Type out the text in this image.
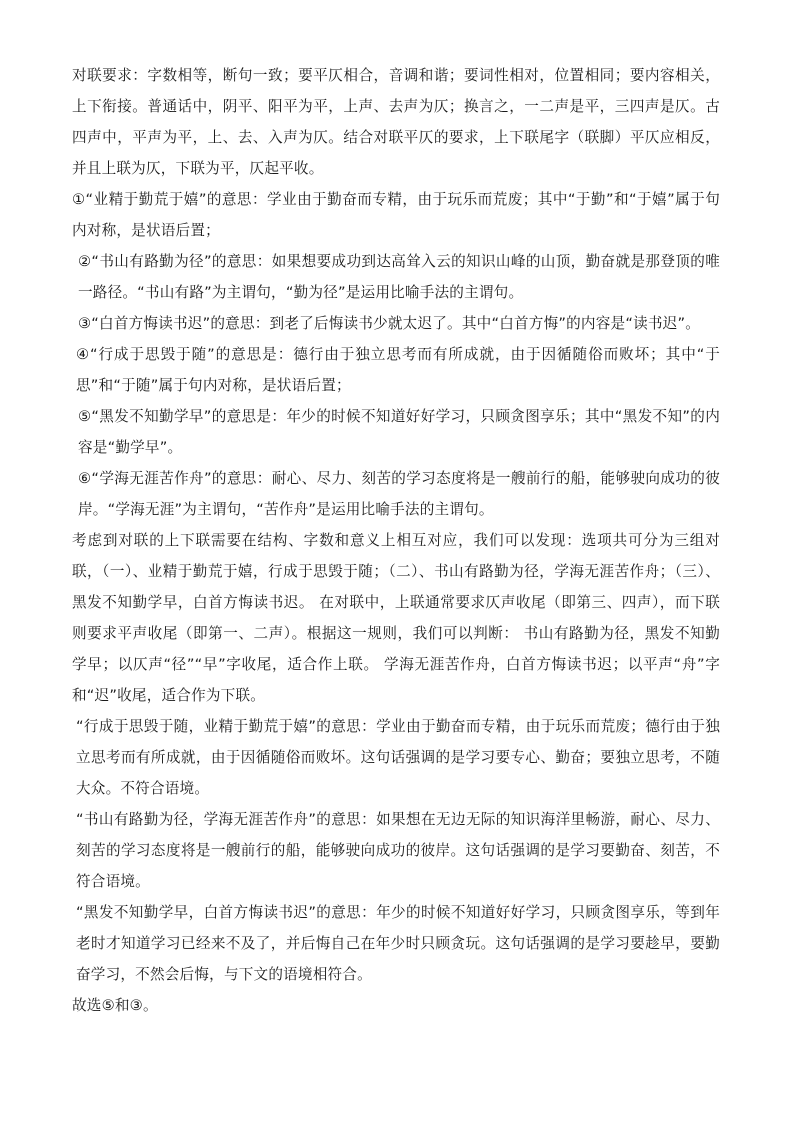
对联要求：字数相等，断句一致；要平仄相合，音调和谐；要词性相对，位置相同；要内容相关，上下衔接。普通话中，阴平、阳平为平，上声、去声为仄；换言之，一二声是平，三四声是仄。古四声中，平声为平，上、去、入声为仄。结合对联平仄的要求，上下联尾字（联脚）平仄应相反，并且上联为仄，下联为平，仄起平收。

①“业精于勤荒于嬉”的意思：学业由于勤奋而专精，由于玩乐而荒废；其中“于勤”和“于嬉”属于句内对称，是状语后置；

②“书山有路勤为径”的意思：如果想要成功到达高耸入云的知识山峰的山顶，勤奋就是那登顶的唯一路径。“书山有路”为主谓句，“勤为径”是运用比喻手法的主谓句。

③“白首方悔读书迟”的意思：到老了后悔读书少就太迟了。其中“白首方悔”的内容是“读书迟”。

④“行成于思毁于随”的意思是：德行由于独立思考而有所成就，由于因循随俗而败坏；其中“于思”和“于随”属于句内对称，是状语后置；

⑤“黑发不知勤学早”的意思是：年少的时候不知道好好学习，只顾贪图享乐；其中“黑发不知”的内容是“勤学早”。

⑥“学海无涯苦作舟”的意思：耐心、尽力、刻苦的学习态度将是一艘前行的船，能够驶向成功的彼岸。“学海无涯”为主谓句，“苦作舟”是运用比喻手法的主谓句。

考虑到对联的上下联需要在结构、字数和意义上相互对应，我们可以发现：选项共可分为三组对联，（一）、业精于勤荒于嬉，行成于思毁于随；（二）、书山有路勤为径，学海无涯苦作舟；（三）、黑发不知勤学早，白首方悔读书迟。 在对联中，上联通常要求仄声收尾（即第三、四声），而下联则要求平声收尾（即第一、二声）。根据这一规则，我们可以判断： 书山有路勤为径，黑发不知勤学早；以仄声“径”“早”字收尾，适合作上联。 学海无涯苦作舟，白首方悔读书迟；以平声“舟”字和“迟”收尾，适合作为下联。

“行成于思毁于随，业精于勤荒于嬉”的意思：学业由于勤奋而专精，由于玩乐而荒废；德行由于独立思考而有所成就，由于因循随俗而败坏。这句话强调的是学习要专心、勤奋；要独立思考，不随大众。不符合语境。

“书山有路勤为径，学海无涯苦作舟”的意思：如果想在无边无际的知识海洋里畅游，耐心、尽力、刻苦的学习态度将是一艘前行的船，能够驶向成功的彼岸。这句话强调的是学习要勤奋、刻苦，不符合语境。

“黑发不知勤学早，白首方悔读书迟”的意思：年少的时候不知道好好学习，只顾贪图享乐，等到年老时才知道学习已经来不及了，并后悔自己在年少时只顾贪玩。这句话强调的是学习要趁早，要勤奋学习，不然会后悔，与下文的语境相符合。

故选⑤和③。
